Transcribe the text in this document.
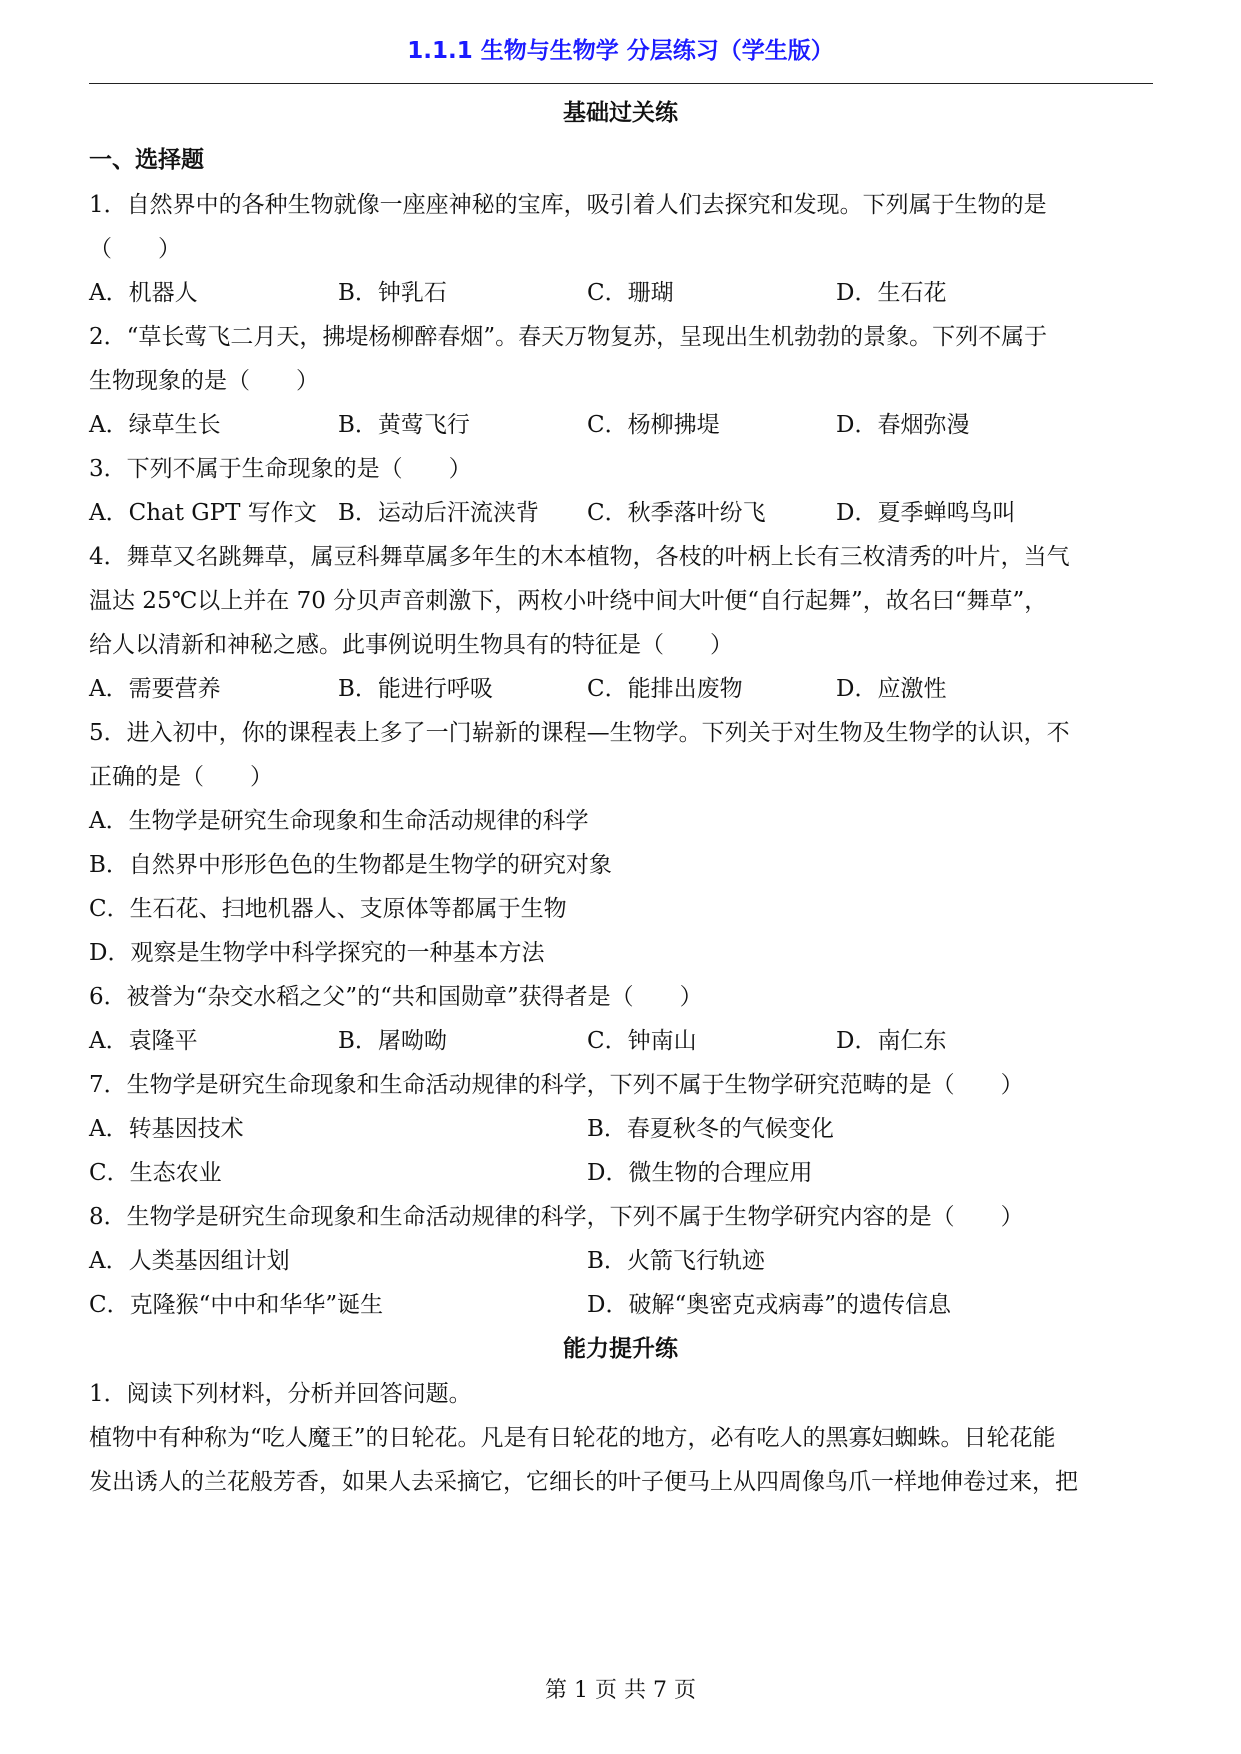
1.1.1 生物与生物学 分层练习（学生版）
基础过关练
一、选择题
1．自然界中的各种生物就像一座座神秘的宝库，吸引着人们去探究和发现。下列属于生物的是
（　　）
A．机器人	B．钟乳石	C．珊瑚	D．生石花
2．“草长莺飞二月天，拂堤杨柳醉春烟”。春天万物复苏，呈现出生机勃勃的景象。下列不属于
生物现象的是（　　）
A．绿草生长	B．黄莺飞行	C．杨柳拂堤	D．春烟弥漫
3．下列不属于生命现象的是（　　）
A．Chat GPT 写作文 B．运动后汗流浃背 C．秋季落叶纷飞	D．夏季蝉鸣鸟叫
4．舞草又名跳舞草，属豆科舞草属多年生的木本植物，各枝的叶柄上长有三枚清秀的叶片，当气
温达 25℃以上并在 70 分贝声音刺激下，两枚小叶绕中间大叶便“自行起舞”，故名曰“舞草”，
给人以清新和神秘之感。此事例说明生物具有的特征是（　　）
A．需要营养	B．能进行呼吸	C．能排出废物	D．应激性
5．进入初中，你的课程表上多了一门崭新的课程—生物学。下列关于对生物及生物学的认识，不
正确的是（　　）
A．生物学是研究生命现象和生命活动规律的科学
B．自然界中形形色色的生物都是生物学的研究对象
C．生石花、扫地机器人、支原体等都属于生物
D．观察是生物学中科学探究的一种基本方法
6．被誉为“杂交水稻之父”的“共和国勋章”获得者是（　　）
A．袁隆平	B．屠呦呦	C．钟南山	D．南仁东
7．生物学是研究生命现象和生命活动规律的科学，下列不属于生物学研究范畴的是（　　）
A．转基因技术	B．春夏秋冬的气候变化
C．生态农业	D．微生物的合理应用
8．生物学是研究生命现象和生命活动规律的科学，下列不属于生物学研究内容的是（　　）
A．人类基因组计划	B．火箭飞行轨迹
C．克隆猴“中中和华华”诞生	D．破解“奥密克戎病毒”的遗传信息
能力提升练
1．阅读下列材料，分析并回答问题。
植物中有种称为“吃人魔王”的日轮花。凡是有日轮花的地方，必有吃人的黑寡妇蜘蛛。日轮花能
发出诱人的兰花般芳香，如果人去采摘它，它细长的叶子便马上从四周像鸟爪一样地伸卷过来，把
第 1 页 共 7 页
